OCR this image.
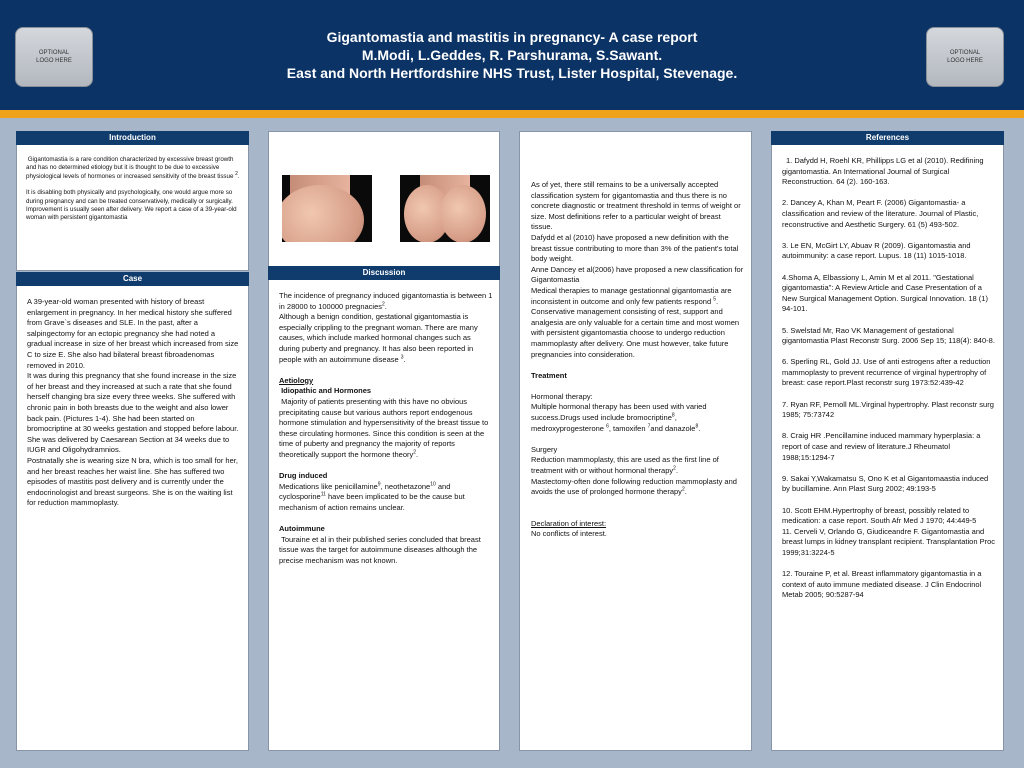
OPTIONAL LOGO HERE
OPTIONAL LOGO HERE
Gigantomastia and mastitis in pregnancy- A case report
M.Modi, L.Geddes, R. Parshurama, S.Sawant.
East and North Hertfordshire NHS Trust, Lister Hospital, Stevenage.
Introduction

Gigantomastia is a rare condition characterized by excessive breast growth and has no determined etiology but it is thought to be due to excessive physiological levels of hormones or increased sensitivity of the breast tissue $^2$.

It is disabling both physically and psychologically, one would argue more so during pregnancy and can be treated conservatively, medically or surgically. Improvement is usually seen after delivery. We report a case of a 39-year-old woman with persistent gigantomastia

Case

A 39-year-old woman presented with history of breast enlargement in pregnancy. In her medical history she suffered from Grave`s diseases and SLE. In the past, after a salpingectomy for an ectopic pregnancy she had noted a gradual increase in size of her breast which increased from size C to size E. She also had bilateral breast fibroadenomas removed in 2010.

It was during this pregnancy that she found increase in the size of her breast and they increased at such a rate that she found herself changing bra size every three weeks. She suffered with chronic pain in both breasts due to the weight and also lower back pain. (Pictures 1-4). She had been started on bromocriptine at 30 weeks gestation and stopped before labour. She was delivered by Caesarean Section at 34 weeks due to IUGR and Oligohydramnios.

Postnatally she is wearing size N bra, which is too small for her, and her breast reaches her waist line. She has suffered two episodes of mastitis post delivery and is currently under the endocrinologist and breast surgeons. She is on the waiting list for reduction mammoplasty.

Discussion

The incidence of pregnancy induced gigantomastia is between 1 in 28000 to 100000 pregnacies$^2$.

Although a benign condition, gestational gigantomastia is especially crippling to the pregnant woman. There are many causes, which include marked hormonal changes such as during puberty and pregnancy. It has also been reported in people with an autoimmune disease $^3$.

Aetiology

Idiopathic and Hormones

Majority of patients presenting with this have no obvious precipitating cause but various authors report endogenous hormone stimulation and hypersensitivity of the breast tissue to these circulating hormones. Since this condition is seen at the time of puberty and pregnancy the majority of reports theoretically support the hormone theory$^2$.

Drug induced

Medications like penicillamine$^9$, neothetazone$^{10}$ and cyclosporine$^{11}$ have been implicated to be the cause but mechanism of action remains unclear.

Autoimmune

Touraine et al in their published series concluded that breast tissue was the target for autoimmune diseases although the precise mechanism was not known.

As of yet, there still remains to be a universally accepted classification system for gigantomastia and thus there is no concrete diagnostic or treatment threshold in terms of weight or size. Most definitions refer to a particular weight of breast tissue.

Dafydd et al (2010) have proposed a new definition with the breast tissue contributing to more than 3% of the patient's total body weight.

Anne Dancey et al(2006) have proposed a new classification for Gigantomastia

Medical therapies to manage gestationnal gigantomastia are inconsistent in outcome and only few patients respond $^5$.

Conservative management consisting of rest, support and analgesia are only valuable for a certain time and most women with persistent gigantomastia choose to undergo reduction mammoplasty after delivery. One must however, take future pregnancies into consideration.

Treatment

Hormonal therapy:

Multiple hormonal therapy has been used with varied success.Drugs used include bromocriptine$^8$, medroxyprogesterone $^6$, tamoxifen $^7$and danazole$^8$.

Surgery

Reduction mammoplasty, this are used as the first line of treatment with or without hormonal therapy$^2$.

Mastectomy-often done following reduction mammoplasty and avoids the use of prolonged hormone therapy$^2$.

Declaration of interest:

No conflicts of interest.

References

1. Dafydd H, Roehl KR, Phillipps LG et al (2010). Redifining gigantomastia. An International Journal of Surgical Reconstruction. 64 (2). 160-163.

2. Dancey A, Khan M, Peart F. (2006) Gigantomastia- a classification and review of the literature. Journal of Plastic, reconstructive and Aesthetic Surgery. 61 (5) 493-502.

3. Le EN, McGirt LY, Abuav R (2009). Gigantomastia and autoimmunity: a case report. Lupus. 18 (11) 1015-1018.

4.Shoma A, Elbassiony L, Amin M et al 2011. "Gestational gigantomastia": A Review Article and Case Presentation of a New Surgical Management Option. Surgical Innovation. 18 (1) 94-101.

5. Swelstad Mr, Rao VK Management of gestational gigantomastia Plast Reconstr Surg. 2006 Sep 15; 118(4): 840-8.

6. Sperling RL, Gold JJ. Use of anti estrogens after a reduction mammoplasty to prevent recurrence of virginal hypertrophy of breast: case report.Plast reconstr surg 1973:52:439-42

7. Ryan RF, Pernoll ML.Virginal hypertrophy. Plast reconstr surg 1985; 75:73742

8. Craig HR .Pencillamine induced mammary hyperplasia: a report of case and review of literature.J Rheumatol 1988;15:1294-7

9. Sakai Y,Wakamatsu S, Ono K et al Gigantomaastia induced by bucillamine. Ann Plast Surg 2002; 49:193-5

10. Scott EHM.Hypertrophy of breast, possibly related to medication: a case report. South Afr Med J 1970; 44:449-5

11. Cerveli V, Orlando G, Giudiceandre F. Gigantomastia and breast lumps in kidney transplant recipient. Transplantation Proc 1999;31:3224-5

12. Touraine P, et al. Breast inflammatory gigantomastia in a context of auto immune mediated disease. J Clin Endocrinol Metab 2005; 90:5287-94
